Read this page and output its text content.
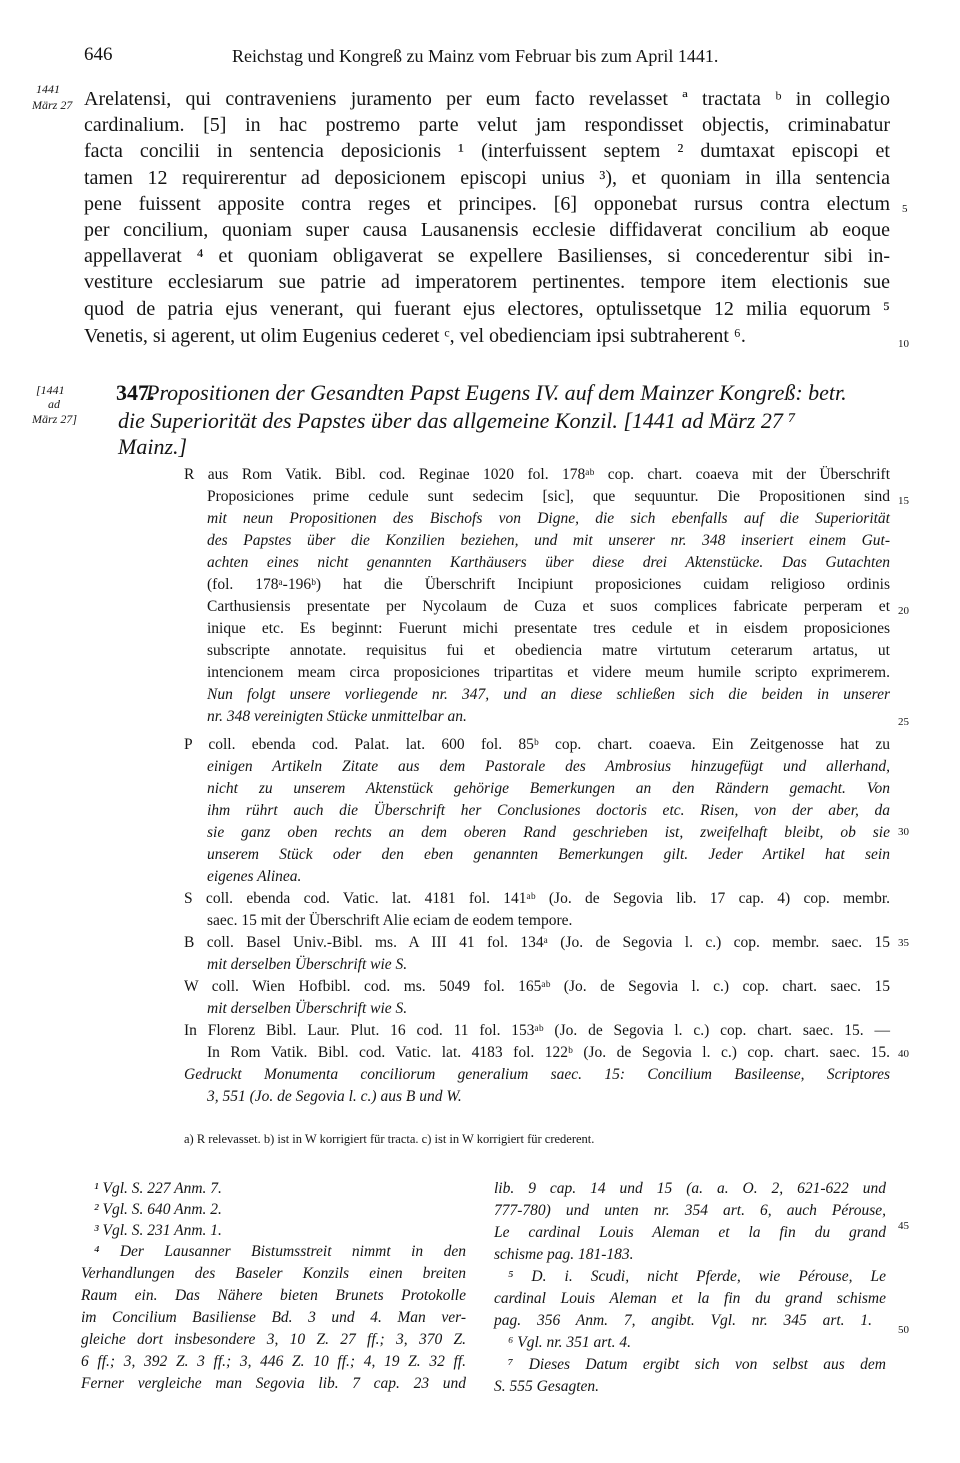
646	Reichstag und Kongreß zu Mainz vom Februar bis zum April 1441.
1441
März 27 Arelatensi, qui contraveniens juramento per eum facto revelasset ª tractata ᵇ in collegio
cardinalium. [5] in hac postremo parte velut jam respondisset objectis, criminabatur
facta concilii in sentencia deposicionis ¹ (interfuissent septem ² dumtaxat episcopi et
tamen 12 requirerentur ad deposicionem episcopi unius ³), et quoniam in illa sentencia
pene fuissent apposite contra reges et principes. [6] opponebat rursus contra electum
per concilium, quoniam super causa Lausanensis ecclesie diffidaverat concilium ab eoque
appellaverat ⁴ et quoniam obligaverat se expellere Basilienses, si concederentur sibi in-
vestiture ecclesiarum sue patrie ad imperatorem pertinentes. tempore item electionis sue
quod de patria ejus venerant, qui fuerant ejus electores, optulissetque 12 milia equorum ⁵
Venetis, si agerent, ut olim Eugenius cederet ᶜ, vel obedienciam ipsi subtraherent ⁶.
[1441
ad
März 27]
347.
Propositionen der Gesandten Papst Eugens IV. auf dem Mainzer Kongreß: betr.
die Superiorität des Papstes über das allgemeine Konzil. [1441 ad März 27 ⁷
Mainz.]
R aus Rom Vatik. Bibl. cod. Reginae 1020 fol. 178ᵃᵇ cop. chart. coaeva mit der Überschrift
Proposiciones prime cedule sunt sedecim [sic], que sequuntur. Die Propositionen sind
mit neun Propositionen des Bischofs von Digne, die sich ebenfalls auf die Superiorität
des Papstes über die Konzilien beziehen, und mit unserer nr. 348 inseriert einem Gut-
achten eines nicht genannten Karthäusers über diese drei Aktenstücke. Das Gutachten
(fol. 178ᵃ-196ᵇ) hat die Überschrift Incipiunt proposiciones cuidam religioso ordinis
Carthusiensis presentate per Nycolaum de Cuza et suos complices fabricate perperam et
inique etc. Es beginnt: Fuerunt michi presentate tres cedule et in eisdem proposiciones
subscripte annotate. requisitus fui et obediencia matre virtutum ceterarum artatus, ut
intencionem meam circa proposiciones tripartitas et videre meum humile scripto exprimerem.
Nun folgt unsere vorliegende nr. 347, und an diese schließen sich die beiden in unserer
nr. 348 vereinigten Stücke unmittelbar an.
P coll. ebenda cod. Palat. lat. 600 fol. 85ᵇ cop. chart. coaeva. Ein Zeitgenosse hat zu
einigen Artikeln Zitate aus dem Pastorale des Ambrosius hinzugefügt und allerhand,
nicht zu unserem Aktenstück gehörige Bemerkungen an den Rändern gemacht. Von
ihm rührt auch die Überschrift her Conclusiones doctoris etc. Risen, von der aber, da
sie ganz oben rechts an dem oberen Rand geschrieben ist, zweifelhaft bleibt, ob sie
unserem Stück oder den eben genannten Bemerkungen gilt. Jeder Artikel hat sein
eigenes Alinea.
S coll. ebenda cod. Vatic. lat. 4181 fol. 141ᵃᵇ (Jo. de Segovia lib. 17 cap. 4) cop. membr.
saec. 15 mit der Überschrift Alie eciam de eodem tempore.
B coll. Basel Univ.-Bibl. ms. A III 41 fol. 134ᵃ (Jo. de Segovia l. c.) cop. membr. saec. 15
mit derselben Überschrift wie S.
W coll. Wien Hofbibl. cod. ms. 5049 fol. 165ᵃᵇ (Jo. de Segovia l. c.) cop. chart. saec. 15
mit derselben Überschrift wie S.
In Florenz Bibl. Laur. Plut. 16 cod. 11 fol. 153ᵃᵇ (Jo. de Segovia l. c.) cop. chart. saec. 15. —
In Rom Vatik. Bibl. cod. Vatic. lat. 4183 fol. 122ᵇ (Jo. de Segovia l. c.) cop. chart. saec. 15.
Gedruckt Monumenta conciliorum generalium saec. 15: Concilium Basileense, Scriptores
3, 551 (Jo. de Segovia l. c.) aus B und W.
a) R relevasset. b) ist in W korrigiert für tracta. c) ist in W korrigiert für crederent.
¹ Vgl. S. 227 Anm. 7.
² Vgl. S. 640 Anm. 2.
³ Vgl. S. 231 Anm. 1.
⁴ Der Lausanner Bistumsstreit nimmt in den
Verhandlungen des Baseler Konzils einen breiten
Raum ein. Das Nähere bieten Brunets Protokolle
im Concilium Basiliense Bd. 3 und 4. Man ver-
gleiche dort insbesondere 3, 10 Z. 27 ff.; 3, 370 Z.
6 ff.; 3, 392 Z. 3 ff.; 3, 446 Z. 10 ff.; 4, 19 Z. 32 ff.
Ferner vergleiche man Segovia lib. 7 cap. 23 und
lib. 9 cap. 14 und 15 (a. a. O. 2, 621-622 und
777-780) und unten nr. 354 art. 6, auch Pérouse,
Le cardinal Louis Aleman et la fin du grand
schisme pag. 181-183.
⁵ D. i. Scudi, nicht Pferde, wie Pérouse, Le
cardinal Louis Aleman et la fin du grand schisme
pag. 356 Anm. 7, angibt. Vgl. nr. 345 art. 1.
⁶ Vgl. nr. 351 art. 4.
⁷ Dieses Datum ergibt sich von selbst aus dem
S. 555 Gesagten.
5
10
15
20
25
30
35
40
45
50
